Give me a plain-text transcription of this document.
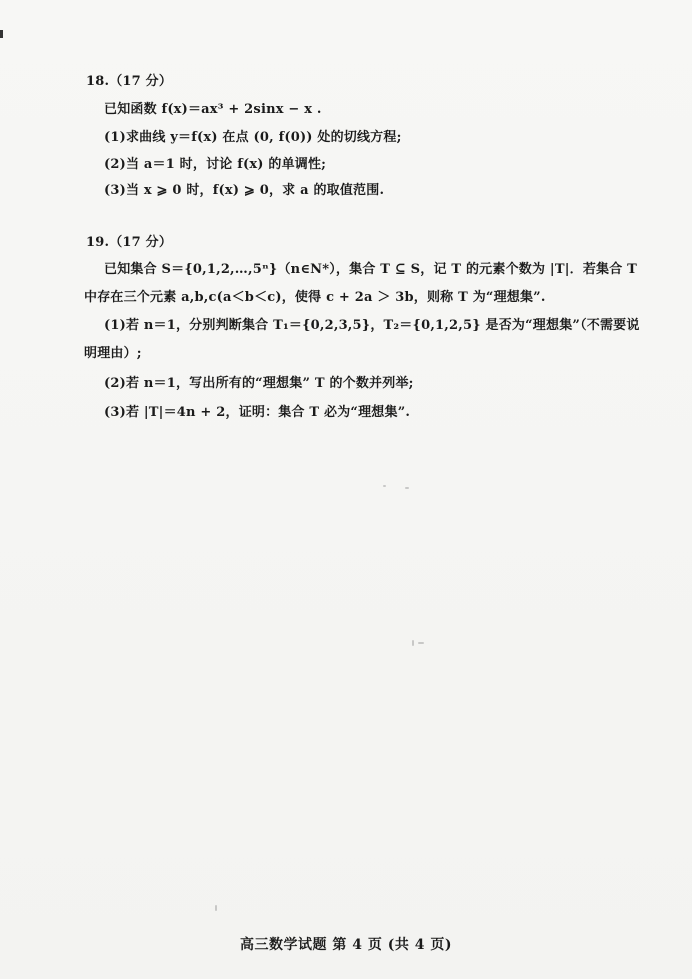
18.（17 分）
已知函数 f(x)＝ax³ + 2sinx − x .
(1)求曲线 y＝f(x) 在点 (0, f(0)) 处的切线方程;
(2)当 a＝1 时，讨论 f(x) 的单调性;
(3)当 x ⩾ 0 时，f(x) ⩾ 0，求 a 的取值范围.
19.（17 分）
已知集合 S＝{0,1,2,…,5ⁿ}（n∈N*），集合 T ⊆ S，记 T 的元素个数为 |T|．若集合 T
中存在三个元素 a,b,c(a＜b＜c)，使得 c + 2a ＞ 3b，则称 T 为“理想集”.
(1)若 n＝1，分别判断集合 T₁＝{0,2,3,5}，T₂＝{0,1,2,5} 是否为“理想集”（不需要说
明理由）;
(2)若 n＝1，写出所有的“理想集” T 的个数并列举;
(3)若 |T|＝4n + 2，证明：集合 T 必为“理想集”.
高三数学试题 第 4 页 (共 4 页)
